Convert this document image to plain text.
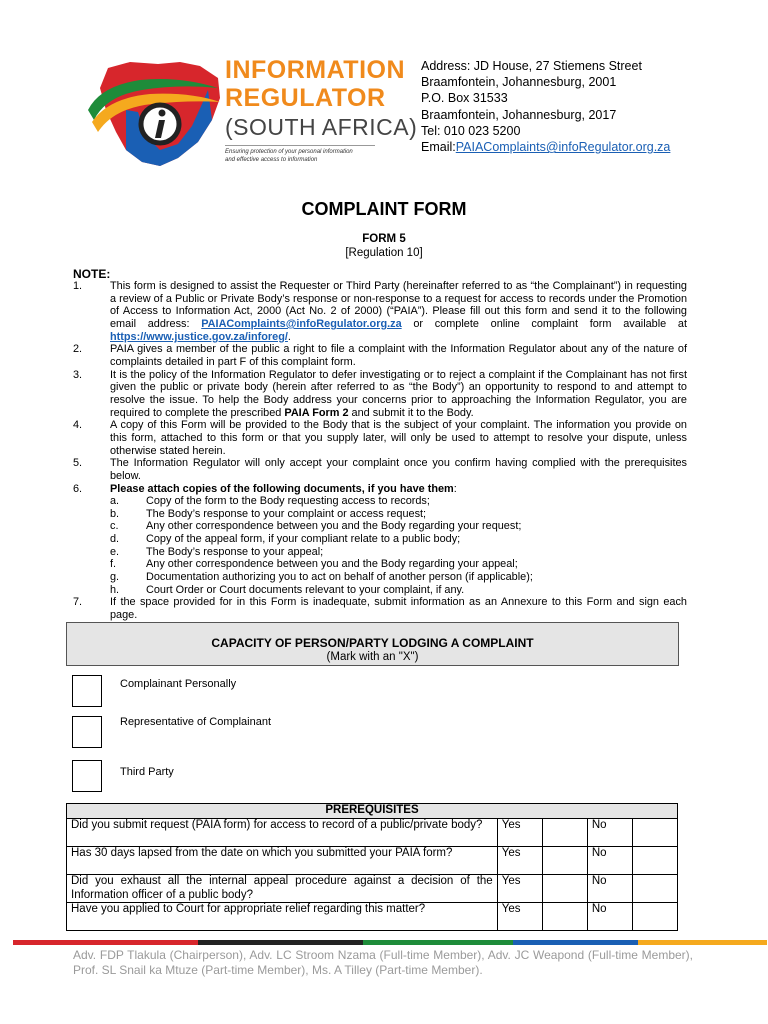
INFORMATION
REGULATOR
(SOUTH AFRICA)
Ensuring protection of your personal information
and effective access to information
Address: JD House, 27 Stiemens Street
Braamfontein, Johannesburg, 2001
P.O. Box 31533
Braamfontein, Johannesburg, 2017
Tel: 010 023 5200
Email:PAIAComplaints@infoRegulator.org.za
COMPLAINT FORM
FORM 5
[Regulation 10]
NOTE:
1.	This form is designed to assist the Requester or Third Party (hereinafter referred to as “the Complainant”) in requesting a review of a Public or Private Body’s response or non-response to a request for access to records under the Promotion of Access to Information Act, 2000 (Act No. 2 of 2000) (“PAIA”). Please fill out this form and send it to the following email address: PAIAComplaints@infoRegulator.org.za or complete online complaint form available at https://www.justice.gov.za/inforeg/.
2.	PAIA gives a member of the public a right to file a complaint with the Information Regulator about any of the nature of complaints detailed in part F of this complaint form.
3.	It is the policy of the Information Regulator to defer investigating or to reject a complaint if the Complainant has not first given the public or private body (herein after referred to as “the Body”) an opportunity to respond to and attempt to resolve the issue. To help the Body address your concerns prior to approaching the Information Regulator, you are required to complete the prescribed PAIA Form 2 and submit it to the Body.
4.	A copy of this Form will be provided to the Body that is the subject of your complaint. The information you provide on this form, attached to this form or that you supply later, will only be used to attempt to resolve your dispute, unless otherwise stated herein.
5.	The Information Regulator will only accept your complaint once you confirm having complied with the prerequisites below.
6.	Please attach copies of the following documents, if you have them:
a. Copy of the form to the Body requesting access to records;
b. The Body’s response to your complaint or access request;
c.	Any other correspondence between you and the Body regarding your request;
d. Copy of the appeal form, if your compliant relate to a public body;
e. The Body’s response to your appeal;
f.	Any other correspondence between you and the Body regarding your appeal;
g. Documentation authorizing you to act on behalf of another person (if applicable);
h. Court Order or Court documents relevant to your complaint, if any.
7.	If the space provided for in this Form is inadequate, submit information as an Annexure to this Form and sign each page.
CAPACITY OF PERSON/PARTY LODGING A COMPLAINT
(Mark with an "X")
Complainant Personally
Representative of Complainant
Third Party
PREREQUISITES				
Did you submit request (PAIA form) for access to record of a public/private body?	Yes		No	
Has 30 days lapsed from the date on which you submitted your PAIA form?	Yes		No	
Did you exhaust all the internal appeal procedure against a decision of the Information officer of a public body?	Yes		No	
Have you applied to Court for appropriate relief regarding this matter?	Yes		No	
Adv. FDP Tlakula (Chairperson), Adv. LC Stroom Nzama (Full-time Member), Adv. JC Weapond (Full-time Member), Prof. SL Snail ka Mtuze (Part-time Member), Ms. A Tilley (Part-time Member).
